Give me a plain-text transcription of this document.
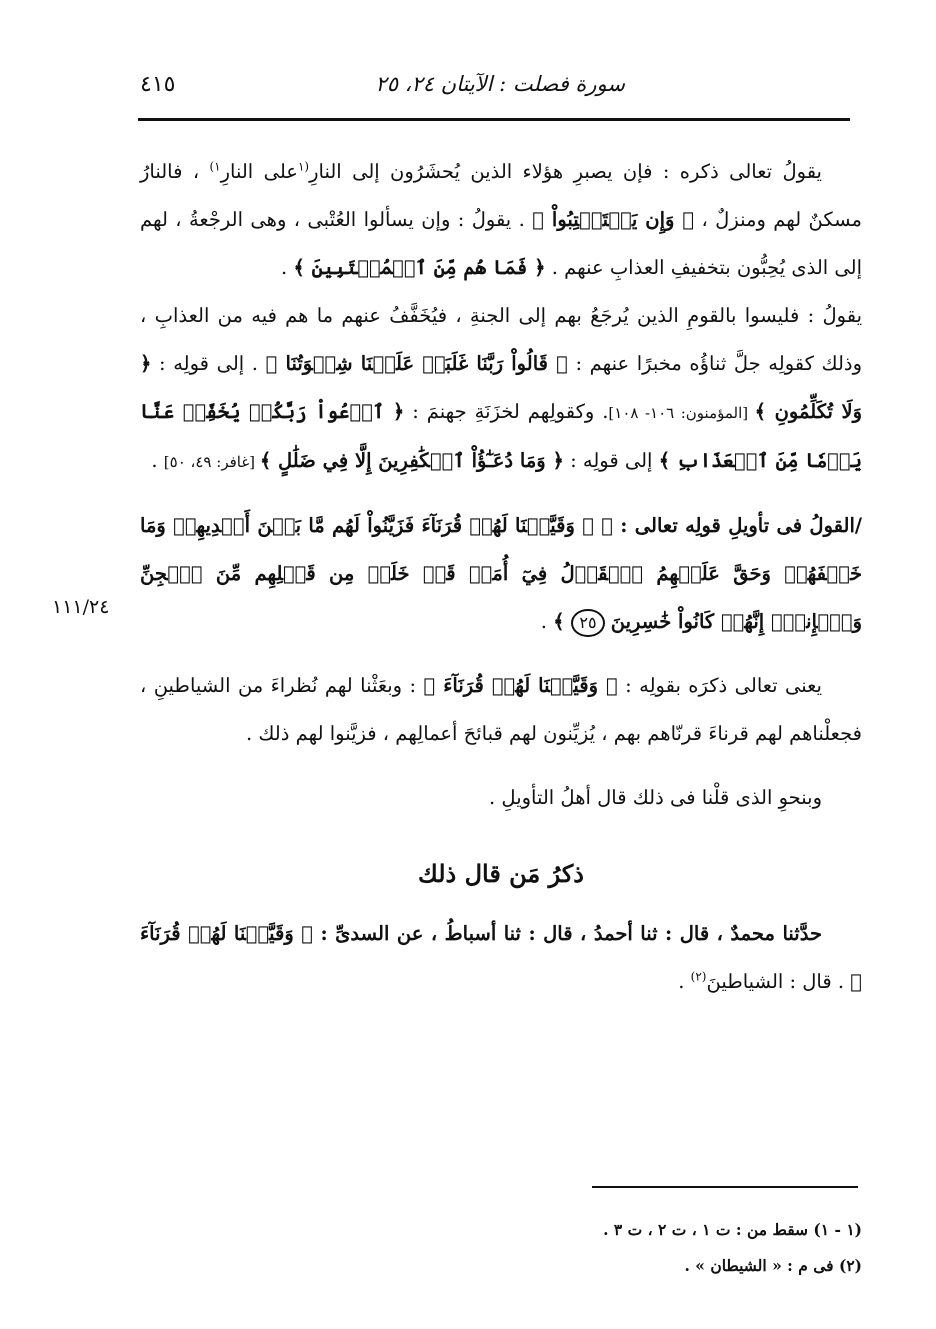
سورة فصلت : الآيتان ٢٤، ٢٥
٤١٥
١١١/٢٤

يقولُ تعالى ذكره : فإن يصبرِ هؤلاء الذين يُحشَرُون إلى النارِ$^{(١}$على النارِ$^{١)}$ ، فالنارُ مسكنٌ لهم ومنزلٌ ، ﴿ وَإِن يَسۡتَعۡتِبُواْ ﴾ . يقولُ : وإن يسألوا العُتْبى ، وهى الرجْعةُ ، لهم إلى الذى يُحِبُّون بتخفيفِ العذابِ عنهم . ﴿ فَمَا هُم مِّنَ ٱلۡمُعۡتَبِينَ ﴾ .

يقولُ : فليسوا بالقومِ الذين يُرجَعُ بهم إلى الجنةِ ، فيُخَفَّفُ عنهم ما هم فيه من العذابِ ، وذلك كقولِه جلَّ ثناؤُه مخبرًا عنهم : ﴿ قَالُواْ رَبَّنَا غَلَبَتۡ عَلَيۡنَا شِقۡوَتُنَا ﴾ . إلى قولِه : ﴿ وَلَا تُكَلِّمُونِ ﴾ [المؤمنون: ١٠٦- ١٠٨]. وكقولِهم لخزَنَةِ جهنمَ : ﴿ ٱدۡعُواْ رَبَّكُمۡ يُخَفِّفۡ عَنَّا يَوۡمٗا مِّنَ ٱلۡعَذَابِ ﴾ إلى قولِه : ﴿ وَمَا دُعَـٰٓؤُاْ ٱلۡكَٰفِرِينَ إِلَّا فِي ضَلَٰلٍ ﴾ [غافر: ٤٩، ٥٠] .

/القولُ فى تأويلِ قولِه تعالى : ﴿ ۞ وَقَيَّضۡنَا لَهُمۡ قُرَنَآءَ فَزَيَّنُواْ لَهُم مَّا بَيۡنَ أَيۡدِيهِمۡ وَمَا خَلۡفَهُمۡ وَحَقَّ عَلَيۡهِمُ ٱلۡقَوۡلُ فِيٓ أُمَمٖ قَدۡ خَلَتۡ مِن قَبۡلِهِم مِّنَ ٱلۡجِنِّ وَٱلۡإِنسِۖ إِنَّهُمۡ كَانُواْ خَٰسِرِينَ ٢٥ ﴾ .

يعنى تعالى ذكرَه بقولِه : ﴿ وَقَيَّضۡنَا لَهُمۡ قُرَنَآءَ ﴾ : وبعَثْنا لهم نُظراءَ من الشياطينِ ، فجعلْناهم لهم قرناءَ قرنّاهم بهم ، يُزيِّنون لهم قبائحَ أعمالِهم ، فزيَّنوا لهم ذلك .

وبنحوِ الذى قلْنا فى ذلك قال أهلُ التأويلِ .

ذكرُ مَن قال ذلك

حدَّثنا محمدٌ ، قال : ثنا أحمدُ ، قال : ثنا أسباطُ ، عن السدىِّ : ﴿ وَقَيَّضۡنَا لَهُمۡ قُرَنَآءَ ﴾ . قال : الشياطينَ$^{(٢)}$ .

(١ - ١) سقط من : ت ١ ، ت ٢ ، ت ٣ .

(٢) فى م : « الشيطان » .
